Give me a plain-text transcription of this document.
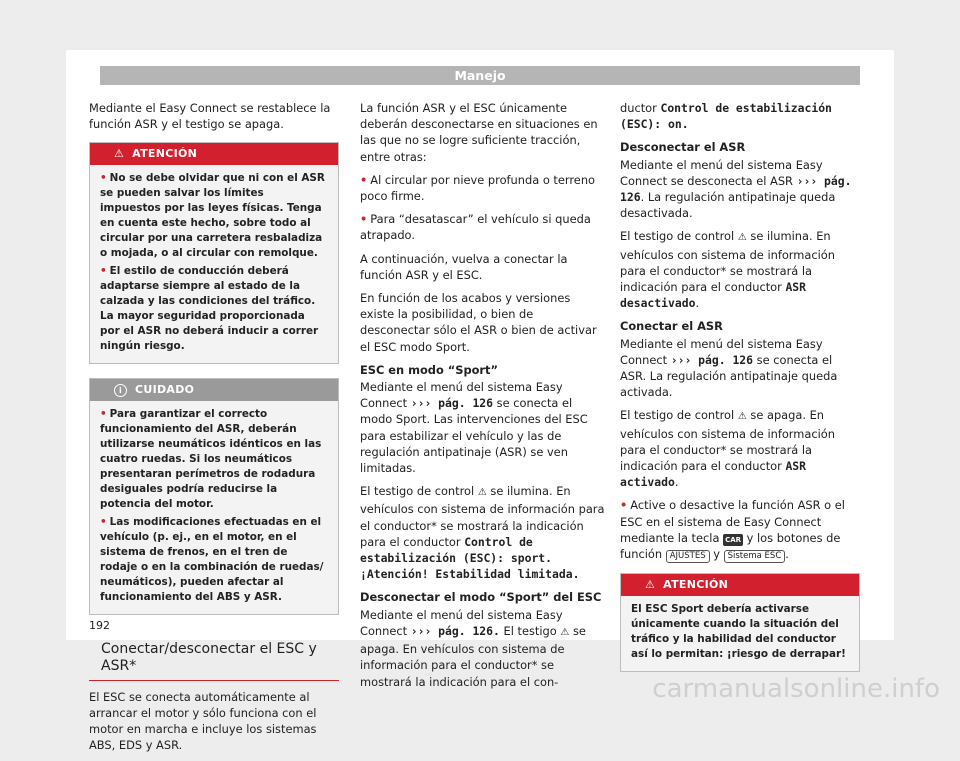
Manejo

Mediante el Easy Connect se restablece la función ASR y el testigo se apaga.

⚠ ATENCIÓN

• No se debe olvidar que ni con el ASR se pueden salvar los límites impuestos por las leyes físicas. Tenga en cuenta este hecho, sobre todo al circular por una carretera resbaladiza o mojada, o al circular con remolque.

• El estilo de conducción deberá adaptarse siempre al estado de la calzada y las condiciones del tráfico. La mayor seguridad proporcionada por el ASR no deberá inducir a correr ningún riesgo.

i CUIDADO

• Para garantizar el correcto funcionamiento del ASR, deberán utilizarse neumáticos idénticos en las cuatro ruedas. Si los neumáticos presentaran perímetros de rodadura desiguales podría reducirse la potencia del motor.

• Las modificaciones efectuadas en el vehículo (p. ej., en el motor, en el sistema de frenos, en el tren de rodaje o en la combinación de ruedas/ neumáticos), pueden afectar al funcionamiento del ABS y ASR.

Conectar/desconectar el ESC y ASR*

El ESC se conecta automáticamente al arrancar el motor y sólo funciona con el motor en marcha e incluye los sistemas ABS, EDS y ASR.

La función ASR y el ESC únicamente deberán desconectarse en situaciones en las que no se logre suficiente tracción, entre otras:

• Al circular por nieve profunda o terreno poco firme.

• Para “desatascar” el vehículo si queda atrapado.

A continuación, vuelva a conectar la función ASR y el ESC.

En función de los acabos y versiones existe la posibilidad, o bien de desconectar sólo el ASR o bien de activar el ESC modo Sport.

ESC en modo “Sport”

Mediante el menú del sistema Easy Connect ››› pág. 126 se conecta el modo Sport. Las intervenciones del ESC para estabilizar el vehículo y las de regulación antipatinaje (ASR) se ven limitadas.

El testigo de control ⚠ se ilumina. En vehículos con sistema de información para el conductor* se mostrará la indicación para el conductor Control de estabilización (ESC): sport. ¡Atención! Estabilidad limitada.

Desconectar el modo “Sport” del ESC

Mediante el menú del sistema Easy Connect ››› pág. 126. El testigo ⚠ se apaga. En vehículos con sistema de información para el conductor* se mostrará la indicación para el con-

ductor Control de estabilización (ESC): on.

Desconectar el ASR

Mediante el menú del sistema Easy Connect se desconecta el ASR ››› pág. 126. La regulación antipatinaje queda desactivada.

El testigo de control ⚠ se ilumina. En vehículos con sistema de información para el conductor* se mostrará la indicación para el conductor ASR desactivado.

Conectar el ASR

Mediante el menú del sistema Easy Connect ››› pág. 126 se conecta el ASR. La regulación antipatinaje queda activada.

El testigo de control ⚠ se apaga. En vehículos con sistema de información para el conductor* se mostrará la indicación para el conductor ASR activado.

• Active o desactive la función ASR o el ESC en el sistema de Easy Connect mediante la tecla CAR y los botones de función AJUSTES y Sistema ESC .

⚠ ATENCIÓN

El ESC Sport debería activarse únicamente cuando la situación del tráfico y la habilidad del conductor así lo permitan: ¡riesgo de derrapar!

192
carmanualsonline.info
